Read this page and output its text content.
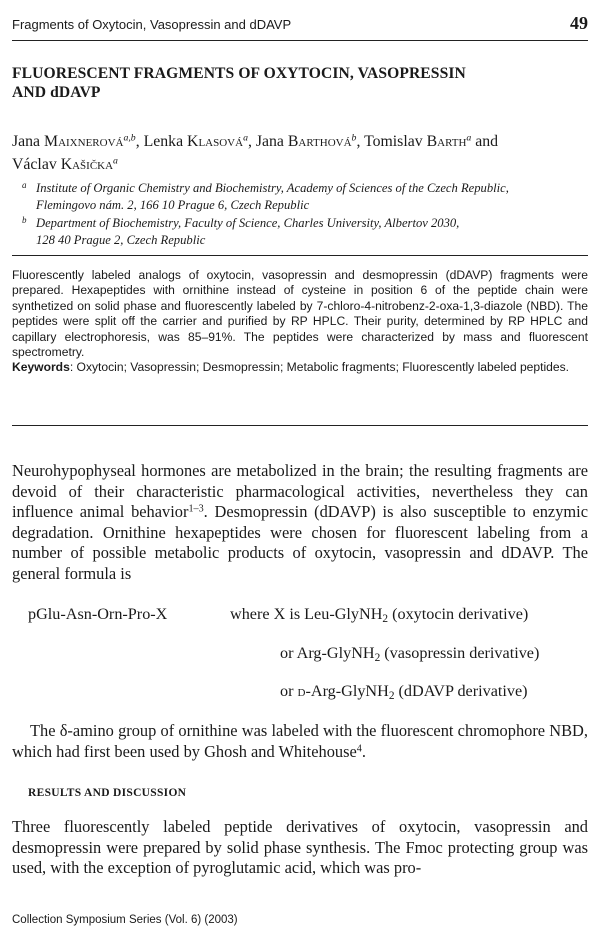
Fragments of Oxytocin, Vasopressin and dDAVP	49
FLUORESCENT FRAGMENTS OF OXYTOCIN, VASOPRESSIN
AND dDAVP
Jana Maixnerová$^{a,b}$, Lenka Klasová$^a$, Jana Barthová$^b$, Tomislav Barth$^a$ and
Václav Kašička$^a$
a Institute of Organic Chemistry and Biochemistry, Academy of Sciences of the Czech Republic,
Flemingovo nám. 2, 166 10 Prague 6, Czech Republic
b Department of Biochemistry, Faculty of Science, Charles University, Albertov 2030,
128 40 Prague 2, Czech Republic

Fluorescently labeled analogs of oxytocin, vasopressin and desmopressin (dDAVP) fragments were prepared. Hexapeptides with ornithine instead of cysteine in position 6 of the peptide chain were synthetized on solid phase and fluorescently labeled by 7-chloro-4-nitrobenz-2-oxa-1,3-diazole (NBD). The peptides were split off the carrier and purified by RP HPLC. Their purity, determined by RP HPLC and capillary electrophoresis, was 85–91%. The peptides were characterized by mass and fluorescent spectrometry.

Keywords: Oxytocin; Vasopressin; Desmopressin; Metabolic fragments; Fluorescently labeled peptides.

Neurohypophyseal hormones are metabolized in the brain; the resulting fragments are devoid of their characteristic pharmacological activities, nevertheless they can influence animal behavior$^{1-3}$. Desmopressin (dDAVP) is also susceptible to enzymic degradation. Ornithine hexapeptides were chosen for fluorescent labeling from a number of possible metabolic products of oxytocin, vasopressin and dDAVP. The general formula is
pGlu-Asn-Orn-Pro-X	where X is Leu-GlyNH$_2$ (oxytocin derivative)
or Arg-GlyNH$_2$ (vasopressin derivative)
or d-Arg-GlyNH$_2$ (dDAVP derivative)
The δ-amino group of ornithine was labeled with the fluorescent chromophore NBD, which had first been used by Ghosh and Whitehouse$^4$.
RESULTS AND DISCUSSION
Three fluorescently labeled peptide derivatives of oxytocin, vasopressin and desmopressin were prepared by solid phase synthesis. The Fmoc protecting group was used, with the exception of pyroglutamic acid, which was pro-
Collection Symposium Series (Vol. 6) (2003)
